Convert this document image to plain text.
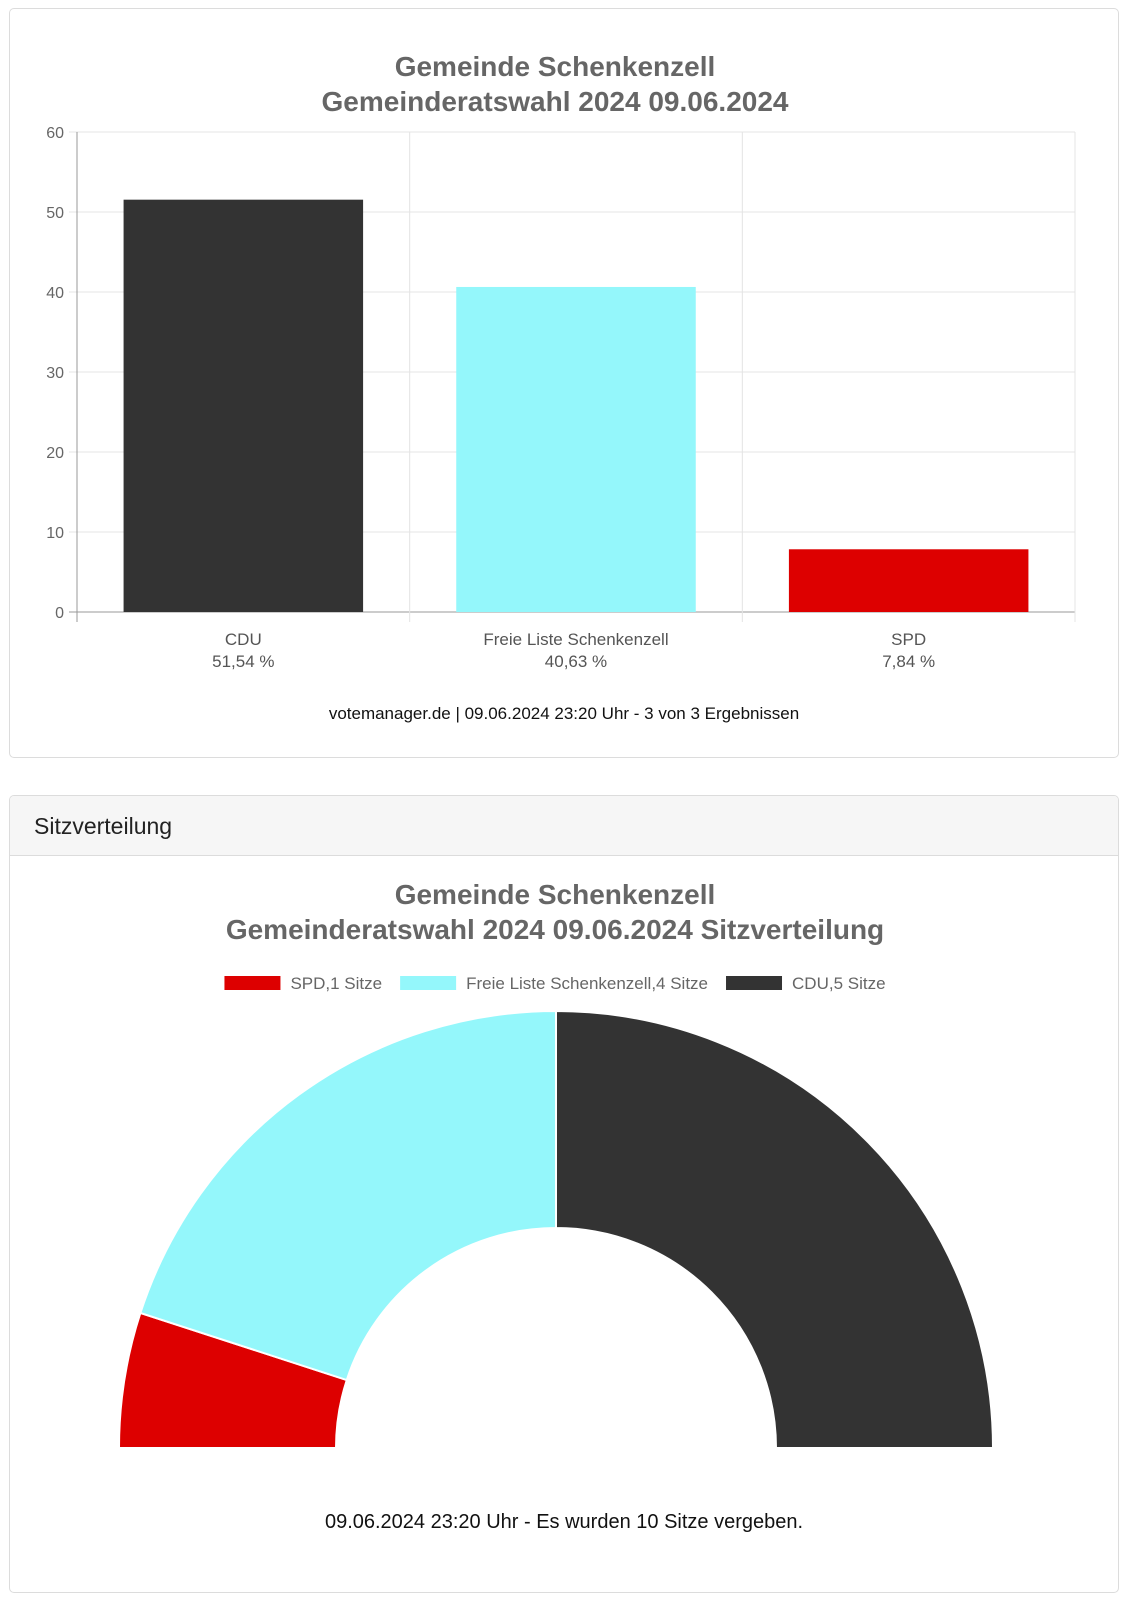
Gemeinde Schenkenzell
Gemeinderatswahl 2024 09.06.2024
0
10
20
30
40
50
60
CDU
51,54 %
Freie Liste Schenkenzell
40,63 %
SPD
7,84 %
votemanager.de | 09.06.2024 23:20 Uhr - 3 von 3 Ergebnissen
Sitzverteilung
Gemeinde Schenkenzell
Gemeinderatswahl 2024 09.06.2024 Sitzverteilung
SPD,1 Sitze	Freie Liste Schenkenzell,4 Sitze	CDU,5 Sitze
09.06.2024 23:20 Uhr - Es wurden 10 Sitze vergeben.
